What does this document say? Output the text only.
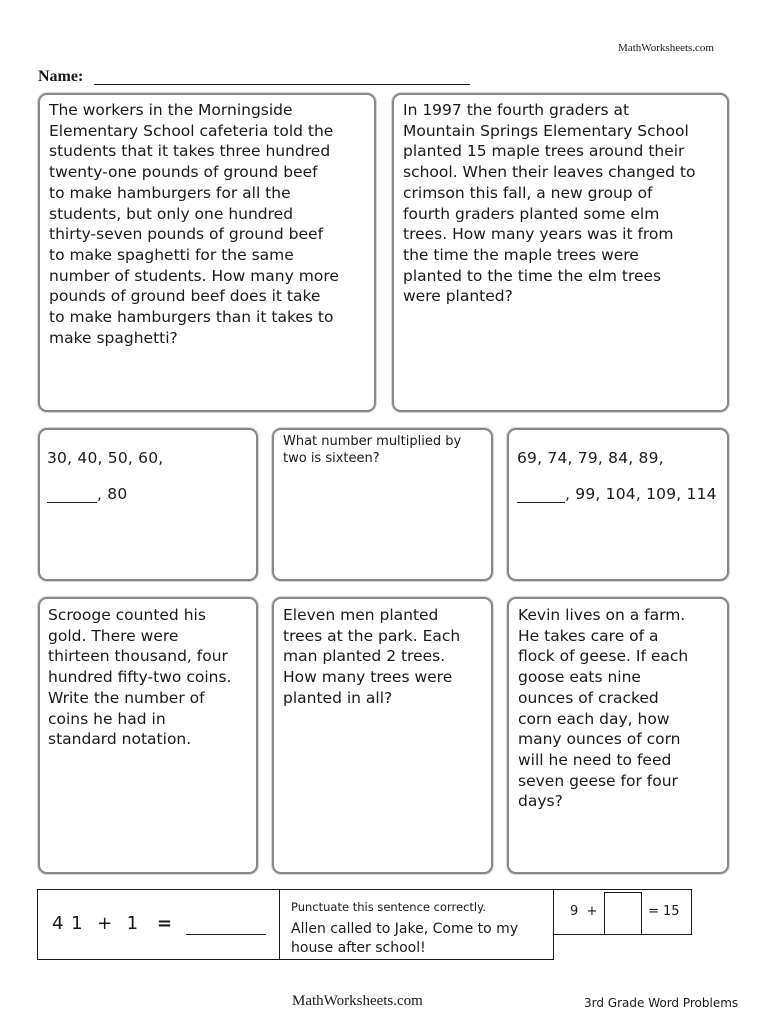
MathWorksheets.com
Name:
The workers in the Morningside
Elementary School cafeteria told the
students that it takes three hundred
twenty-one pounds of ground beef
to make hamburgers for all the
students, but only one hundred
thirty-seven pounds of ground beef
to make spaghetti for the same
number of students. How many more
pounds of ground beef does it take
to make hamburgers than it takes to
make spaghetti?
In 1997 the fourth graders at
Mountain Springs Elementary School
planted 15 maple trees around their
school. When their leaves changed to
crimson this fall, a new group of
fourth graders planted some elm
trees. How many years was it from
the time the maple trees were
planted to the time the elm trees
were planted?
30, 40, 50, 60,
, 80
What number multiplied by
two is sixteen?	69, 74, 79, 84, 89,
, 99, 104, 109, 114
Scrooge counted his
gold. There were
thirteen thousand, four
hundred fifty-two coins.
Write the number of
coins he had in
standard notation.
Eleven men planted
trees at the park. Each
man planted 2 trees.
How many trees were
planted in all?
Kevin lives on a farm.
He takes care of a
flock of geese. If each
goose eats nine
ounces of cracked
corn each day, how
many ounces of corn
will he need to feed
seven geese for four
days?
4 1  +  1 =
Punctuate this sentence correctly.
Allen called to Jake, Come to my
house after school!
9  +	= 15
MathWorksheets.com	3rd Grade Word Problems
